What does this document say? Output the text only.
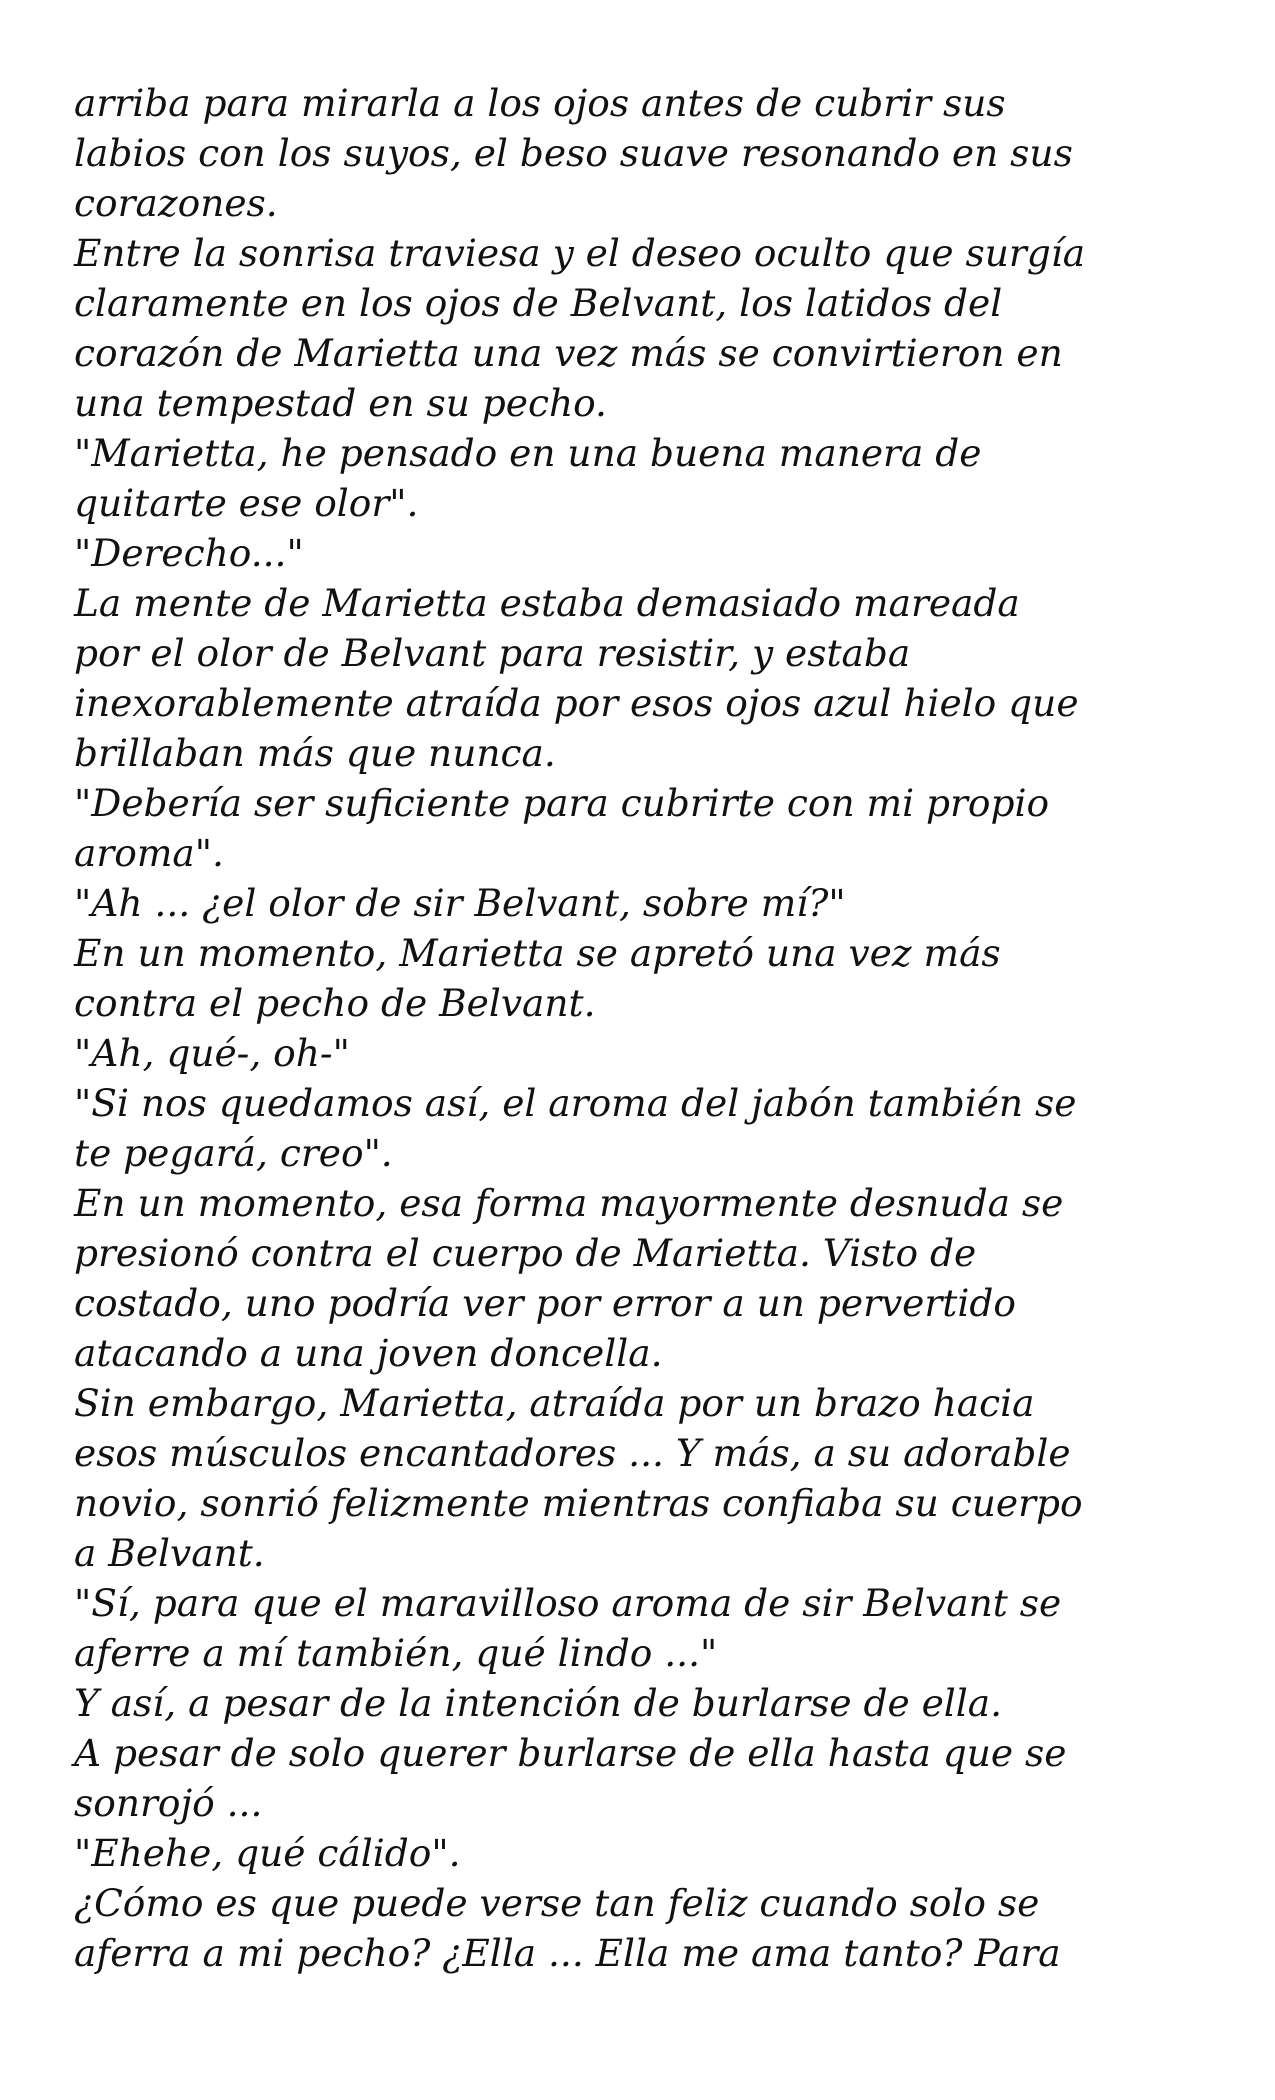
arriba para mirarla a los ojos antes de cubrir sus
labios con los suyos, el beso suave resonando en sus
corazones.
Entre la sonrisa traviesa y el deseo oculto que surgía
claramente en los ojos de Belvant, los latidos del
corazón de Marietta una vez más se convirtieron en
una tempestad en su pecho.
"Marietta, he pensado en una buena manera de
quitarte ese olor".
"Derecho..."
La mente de Marietta estaba demasiado mareada
por el olor de Belvant para resistir, y estaba
inexorablemente atraída por esos ojos azul hielo que
brillaban más que nunca.
"Debería ser suficiente para cubrirte con mi propio
aroma".
"Ah ... ¿el olor de sir Belvant, sobre mí?"
En un momento, Marietta se apretó una vez más
contra el pecho de Belvant.
"Ah, qué-, oh-"
"Si nos quedamos así, el aroma del jabón también se
te pegará, creo".
En un momento, esa forma mayormente desnuda se
presionó contra el cuerpo de Marietta. Visto de
costado, uno podría ver por error a un pervertido
atacando a una joven doncella.
Sin embargo, Marietta, atraída por un brazo hacia
esos músculos encantadores ... Y más, a su adorable
novio, sonrió felizmente mientras confiaba su cuerpo
a Belvant.
"Sí, para que el maravilloso aroma de sir Belvant se
aferre a mí también, qué lindo ..."
Y así, a pesar de la intención de burlarse de ella.
A pesar de solo querer burlarse de ella hasta que se
sonrojó ...
"Ehehe, qué cálido".
¿Cómo es que puede verse tan feliz cuando solo se
aferra a mi pecho? ¿Ella ... Ella me ama tanto? Para
